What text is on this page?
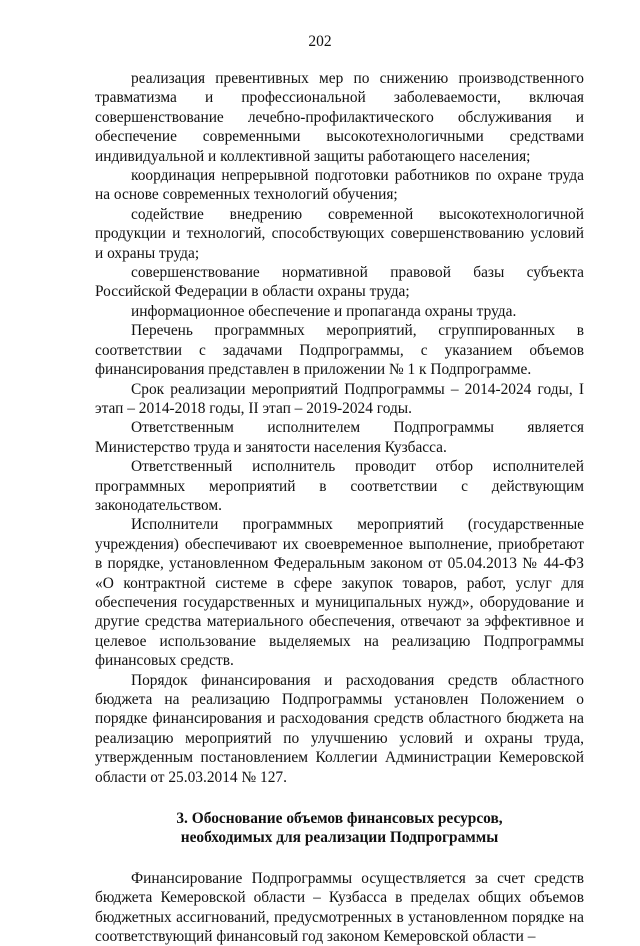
202

реализация превентивных мер по снижению производственного травматизма и профессиональной заболеваемости, включая совершенствование лечебно-профилактического обслуживания и обеспечение современными высокотехнологичными средствами индивидуальной и коллективной защиты работающего населения;

координация непрерывной подготовки работников по охране труда на основе современных технологий обучения;

содействие внедрению современной высокотехнологичной продукции и технологий, способствующих совершенствованию условий и охраны труда;

совершенствование нормативной правовой базы субъекта Российской Федерации в области охраны труда;

информационное обеспечение и пропаганда охраны труда.

Перечень программных мероприятий, сгруппированных в соответствии с задачами Подпрограммы, с указанием объемов финансирования представлен в приложении № 1 к Подпрограмме.

Срок реализации мероприятий Подпрограммы – 2014-2024 годы, I этап – 2014-2018 годы, II этап – 2019-2024 годы.

Ответственным исполнителем Подпрограммы является Министерство труда и занятости населения Кузбасса.

Ответственный исполнитель проводит отбор исполнителей программных мероприятий в соответствии с действующим законодательством.

Исполнители программных мероприятий (государственные учреждения) обеспечивают их своевременное выполнение, приобретают в порядке, установленном Федеральным законом от 05.04.2013 № 44-ФЗ «О контрактной системе в сфере закупок товаров, работ, услуг для обеспечения государственных и муниципальных нужд», оборудование и другие средства материального обеспечения, отвечают за эффективное и целевое использование выделяемых на реализацию Подпрограммы финансовых средств.

Порядок финансирования и расходования средств областного бюджета на реализацию Подпрограммы установлен Положением о порядке финансирования и расходования средств областного бюджета на реализацию мероприятий по улучшению условий и охраны труда, утвержденным постановлением Коллегии Администрации Кемеровской области от 25.03.2014 № 127.

3. Обоснование объемов финансовых ресурсов,
необходимых для реализации Подпрограммы

Финансирование Подпрограммы осуществляется за счет средств бюджета Кемеровской области – Кузбасса в пределах общих объемов бюджетных ассигнований, предусмотренных в установленном порядке на соответствующий финансовый год законом Кемеровской области –
